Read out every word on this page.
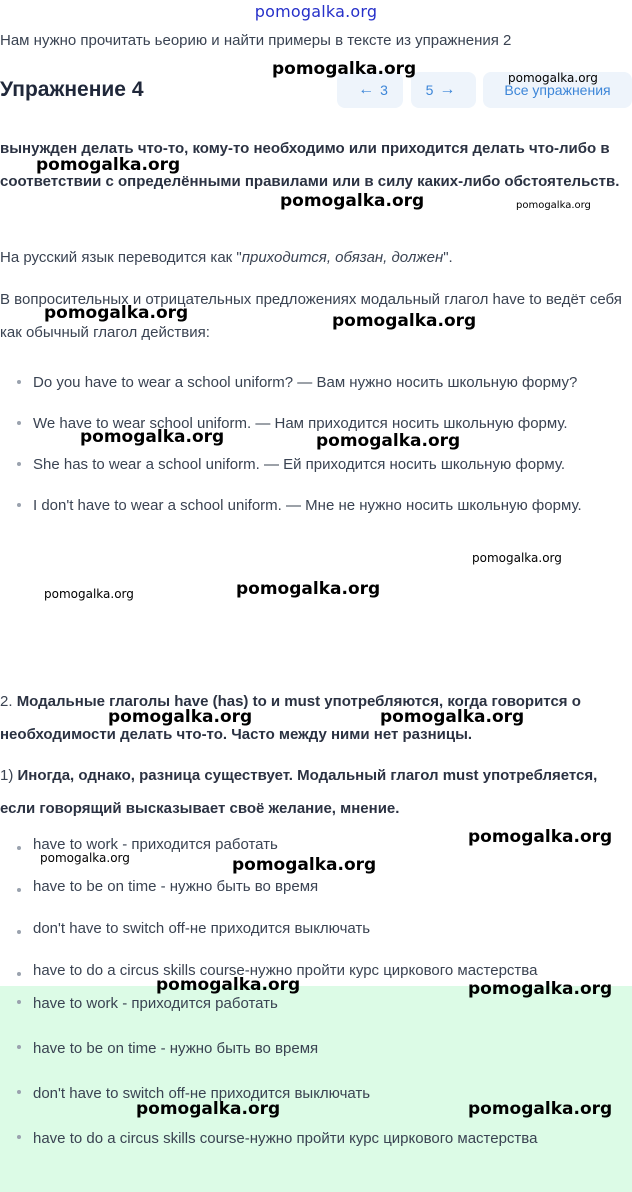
pomogalka.org
Нам нужно прочитать ьеорию и найти примеры в тексте из упражнения 2
Упражнение 4	← 3	5 →	Все упражнения
вынужден делать что-то, кому-то необходимо или приходится делать что-либо в соответствии с определёнными правилами или в силу каких-либо обстоятельств.
На русский язык переводится как "приходится, обязан, должен".
В вопросительных и отрицательных предложениях модальный глагол have to ведёт себя как обычный глагол действия:
Do you have to wear a school uniform? — Вам нужно носить школьную форму?
We have to wear school uniform. — Нам приходится носить школьную форму.
She has to wear a school uniform. — Ей приходится носить школьную форму.
I don't have to wear a school uniform. — Мне не нужно носить школьную форму.
2. Модальные глаголы have (has) to и must употребляются, когда говорится о необходимости делать что-то. Часто между ними нет разницы.
1) Иногда, однако, разница существует. Модальный глагол must употребляется, если говорящий высказывает своё желание, мнение.
have to work - приходится работать
have to be on time - нужно быть во время
don't have to switch off-не приходится выключать
have to do a circus skills course-нужно пройти курс циркового мастерства
have to work - приходится работать
have to be on time - нужно быть во время
don't have to switch off-не приходится выключать
have to do a circus skills course-нужно пройти курс циркового мастерства
pomogalka.org	pomogalka.org
pomogalka.org
pomogalka.org	pomogalka.org
pomogalka.org	pomogalka.org
pomogalka.org	pomogalka.org
pomogalka.org
pomogalka.org
pomogalka.org
pomogalka.org	pomogalka.org
pomogalka.org
pomogalka.org	pomogalka.org
pomogalka.org	pomogalka.org
pomogalka.org	pomogalka.org
